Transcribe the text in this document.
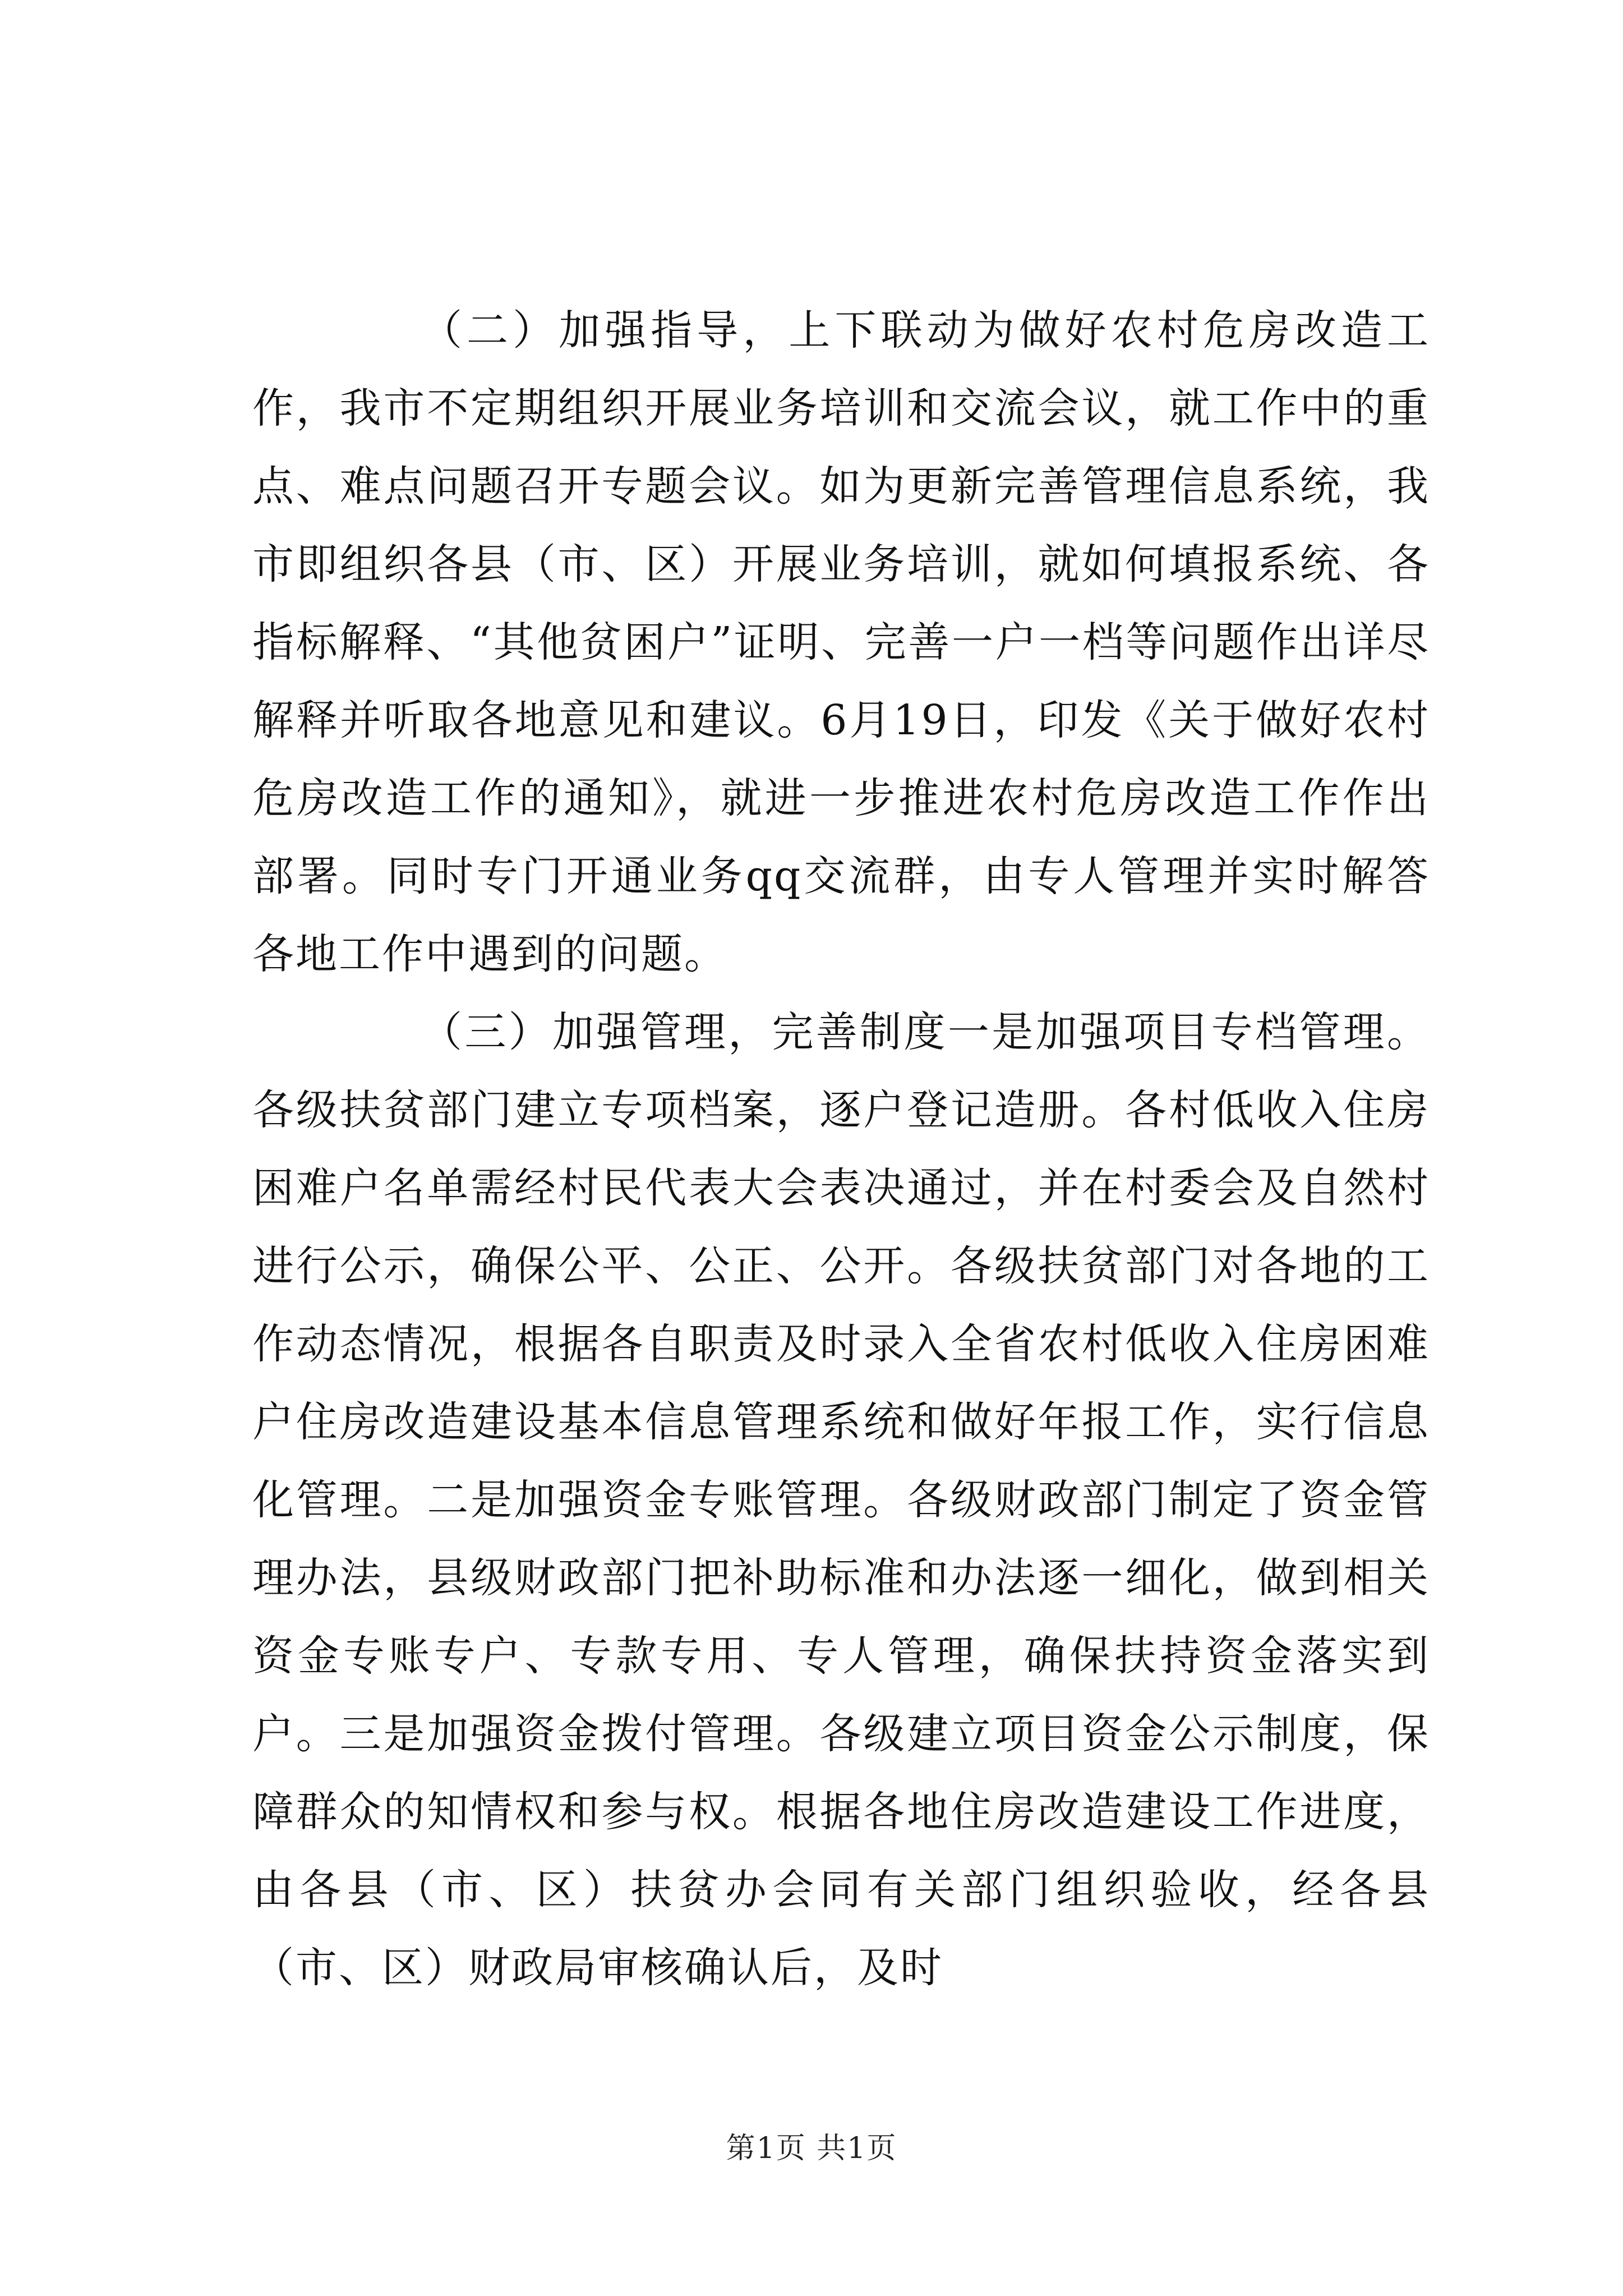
（二）加强指导，上下联动为做好农村危房改造工作，我市不定期组织开展业务培训和交流会议，就工作中的重点、难点问题召开专题会议。如为更新完善管理信息系统，我市即组织各县（市、区）开展业务培训，就如何填报系统、各指标解释、“其他贫困户”证明、完善一户一档等问题作出详尽解释并听取各地意见和建议。6月19日，印发《关于做好农村危房改造工作的通知》，就进一步推进农村危房改造工作作出部署。同时专门开通业务qq交流群，由专人管理并实时解答各地工作中遇到的问题。

（三）加强管理，完善制度一是加强项目专档管理。各级扶贫部门建立专项档案，逐户登记造册。各村低收入住房困难户名单需经村民代表大会表决通过，并在村委会及自然村进行公示，确保公平、公正、公开。各级扶贫部门对各地的工作动态情况，根据各自职责及时录入全省农村低收入住房困难户住房改造建设基本信息管理系统和做好年报工作，实行信息化管理。二是加强资金专账管理。各级财政部门制定了资金管理办法，县级财政部门把补助标准和办法逐一细化，做到相关资金专账专户、专款专用、专人管理，确保扶持资金落实到户。三是加强资金拨付管理。各级建立项目资金公示制度，保障群众的知情权和参与权。根据各地住房改造建设工作进度，由各县（市、区）扶贫办会同有关部门组织验收，经各县（市、区）财政局审核确认后，及时

第1页 共1页
